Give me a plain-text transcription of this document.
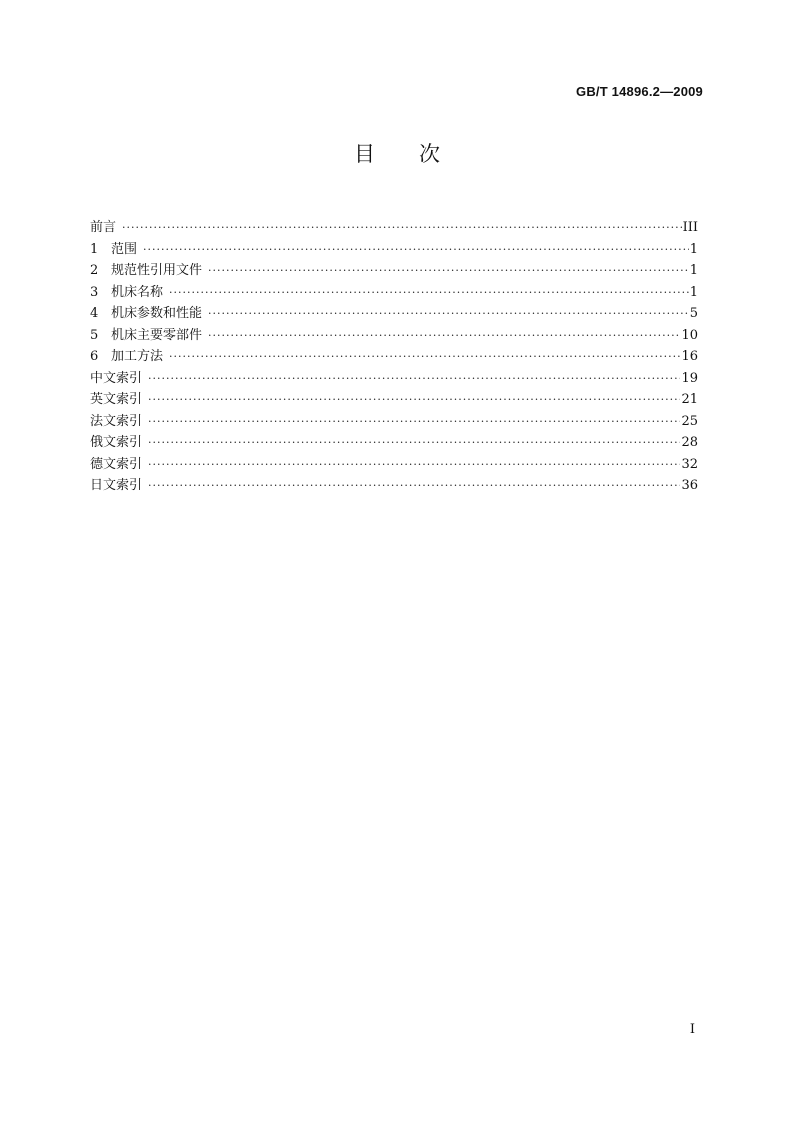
GB/T 14896.2—2009
目 次
前言 ·····	III
1 范围 ·····	1
2 规范性引用文件 ·····	1
3 机床名称 ·····	1
4 机床参数和性能 ·····	5
5 机床主要零部件 ·····	10
6 加工方法 ·····	16
中文索引 ·····	19
英文索引 ·····	21
法文索引 ·····	25
俄文索引 ·····	28
德文索引 ·····	32
日文索引 ·····	36
I
